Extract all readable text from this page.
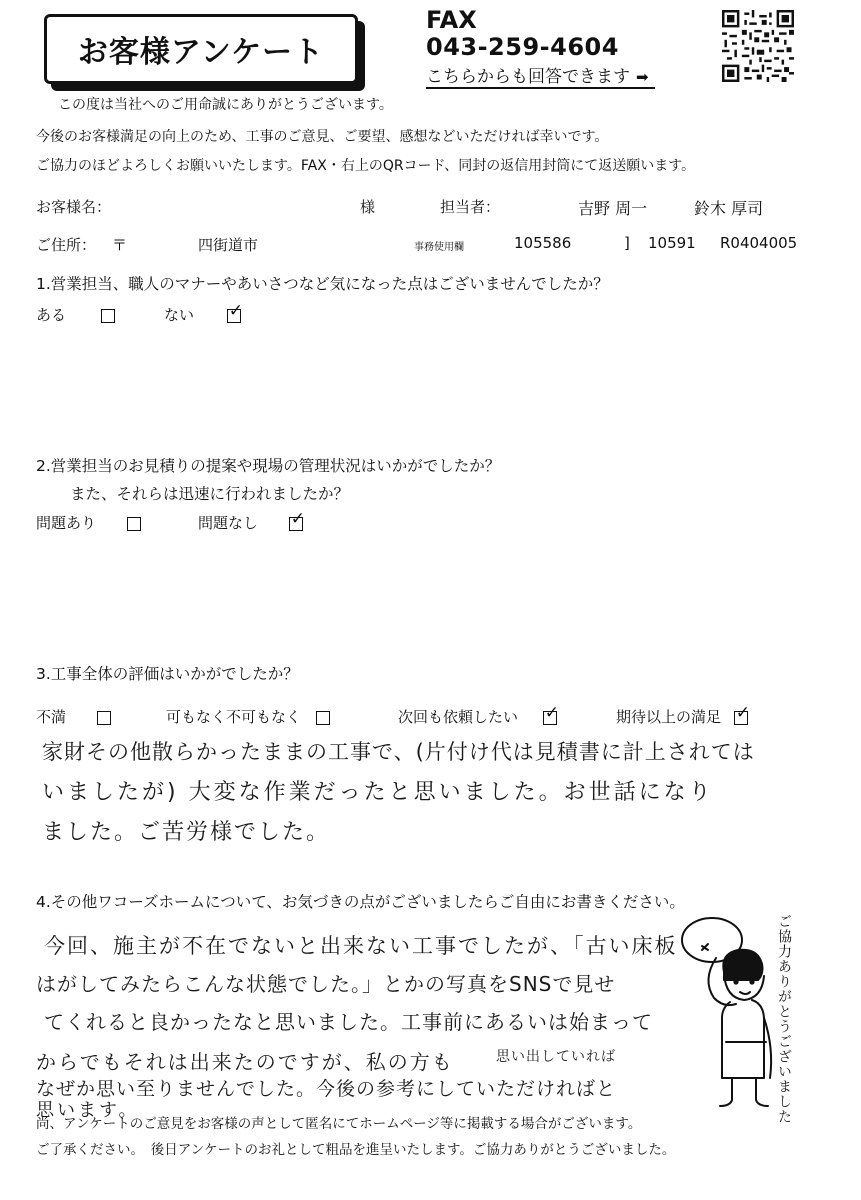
お客様アンケート
FAX
043-259-4604
こちらからも回答できます ➡
この度は当社へのご用命誠にありがとうございます。
今後のお客様満足の向上のため、工事のご意見、ご要望、感想などいただければ幸いです。
ご協力のほどよろしくお願いいたします。FAX・右上のQRコード、同封の返信用封筒にて返送願います。
お客様名：	様	担当者：	吉野 周一	鈴木 厚司
ご住所： 〒	四街道市	事務使用欄	105586	] 10591 R0404005
1.営業担当、職人のマナーやあいさつなど気になった点はございませんでしたか？
ある	ない ✓
2.営業担当のお見積りの提案や現場の管理状況はいかがでしたか？
また、それらは迅速に行われましたか？
問題あり	問題なし ✓
3.工事全体の評価はいかがでしたか？
不満	可もなく不可もなく	次回も依頼したい ✓	期待以上の満足 ✓
家財その他散らかったままの工事で、(片付け代は見積書に計上されては
いましたが) 大変な作業だったと思いました。お世話になり
ました。ご苦労様でした。
4.その他ワコーズホームについて、お気づきの点がございましたらご自由にお書きください。
今回、施主が不在でないと出来ない工事でしたが、「古い床板
はがしてみたらこんな状態でした。」とかの写真をSNSで見せ
てくれると良かったなと思いました。工事前にあるいは始まって
からでもそれは出来たのですが、私の方も	思い出していれば
なぜか思い至りませんでした。今後の参考にしていただければと
思います。	ご協力ありがとうございました
尚、アンケートのご意見をお客様の声として匿名にてホームページ等に掲載する場合がございます。
ご了承ください。　後日アンケートのお礼として粗品を進呈いたします。ご協力ありがとうございました。
